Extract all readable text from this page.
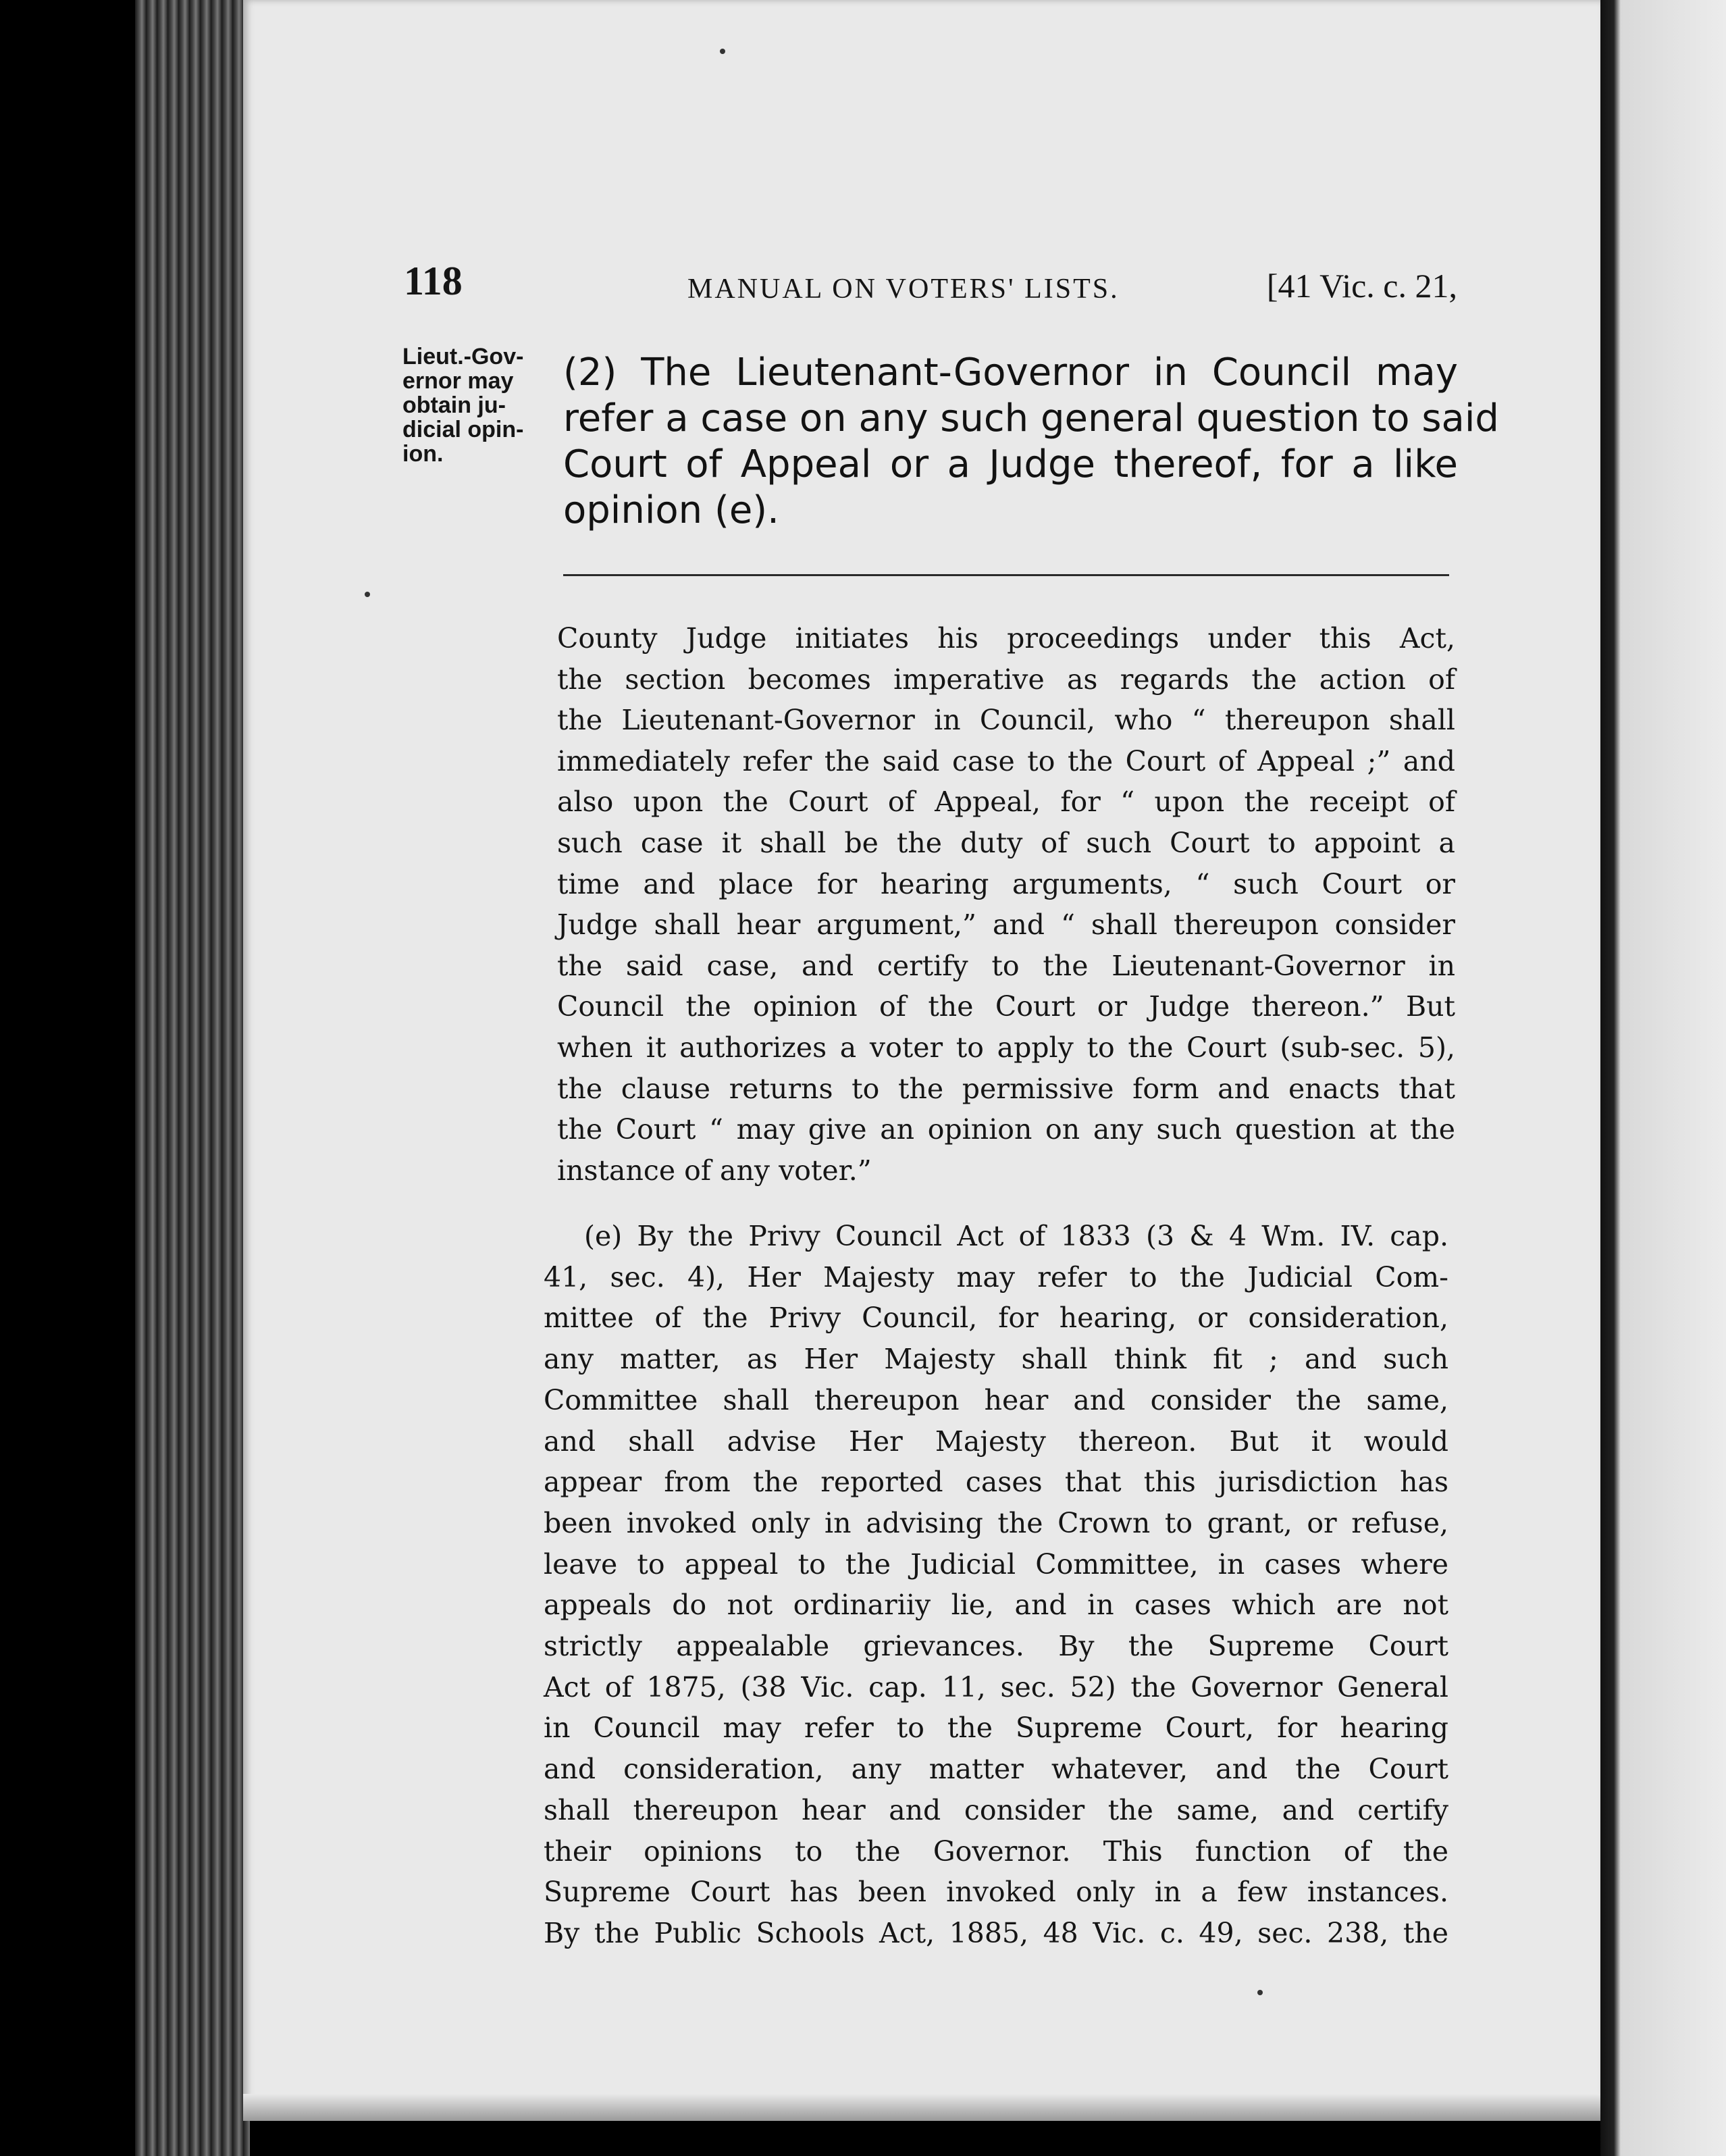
118	MANUAL ON VOTERS' LISTS.	[41 Vic. c. 21,
Lieut.-Gov-
ernor may
obtain ju-
dicial opin-
ion.
(2) The Lieutenant-Governor in Council may
refer a case on any such general question to said
Court of Appeal or a Judge thereof, for a like
opinion (e).
County Judge initiates his proceedings under this Act,
the section becomes imperative as regards the action of
the Lieutenant-Governor in Council, who “ thereupon shall
immediately refer the said case to the Court of Appeal ;” and
also upon the Court of Appeal, for “ upon the receipt of
such case it shall be the duty of such Court to appoint a
time and place for hearing arguments, “ such Court or
Judge shall hear argument,” and “ shall thereupon consider
the said case, and certify to the Lieutenant-Governor in
Council the opinion of the Court or Judge thereon.” But
when it authorizes a voter to apply to the Court (sub-sec. 5),
the clause returns to the permissive form and enacts that
the Court “ may give an opinion on any such question at the
instance of any voter.”
(e) By the Privy Council Act of 1833 (3 & 4 Wm. IV. cap.
41, sec. 4), Her Majesty may refer to the Judicial Com-
mittee of the Privy Council, for hearing, or consideration,
any matter, as Her Majesty shall think fit ; and such
Committee shall thereupon hear and consider the same,
and shall advise Her Majesty thereon. But it would
appear from the reported cases that this jurisdiction has
been invoked only in advising the Crown to grant, or refuse,
leave to appeal to the Judicial Committee, in cases where
appeals do not ordinariiy lie, and in cases which are not
strictly appealable grievances. By the Supreme Court
Act of 1875, (38 Vic. cap. 11, sec. 52) the Governor General
in Council may refer to the Supreme Court, for hearing
and consideration, any matter whatever, and the Court
shall thereupon hear and consider the same, and certify
their opinions to the Governor. This function of the
Supreme Court has been invoked only in a few instances.
By the Public Schools Act, 1885, 48 Vic. c. 49, sec. 238, the
